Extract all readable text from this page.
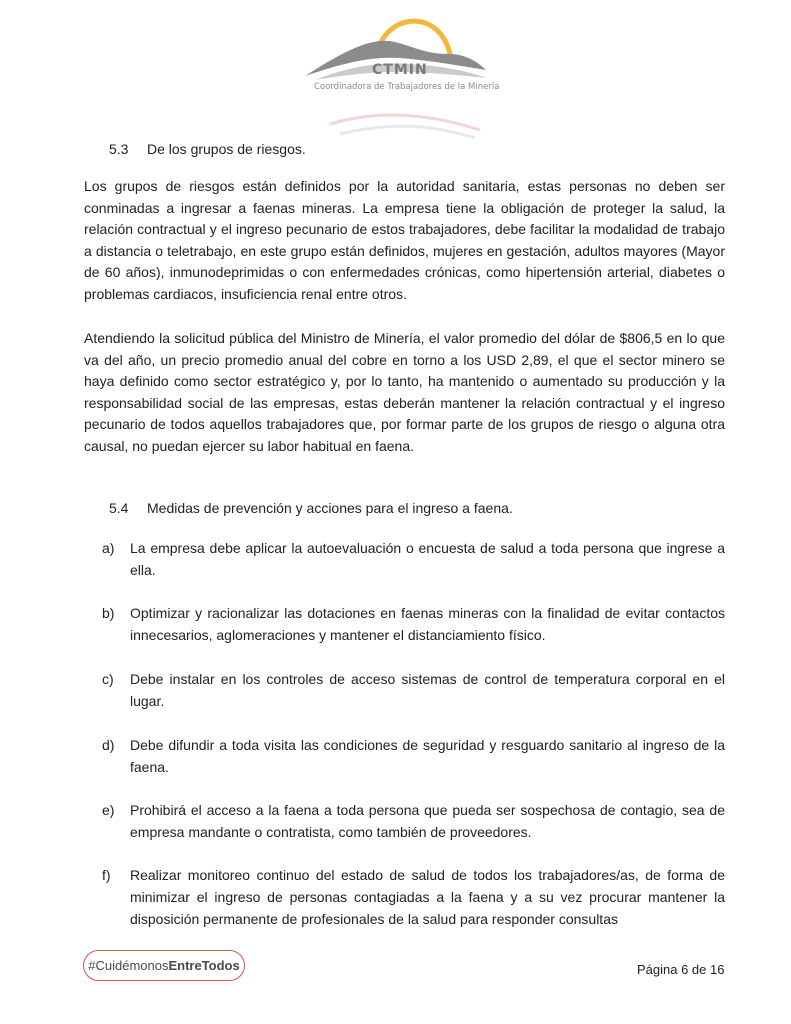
CTMIN
Coordinadora de Trabajadores de la Minería
5.3	De los grupos de riesgos.

Los grupos de riesgos están definidos por la autoridad sanitaria, estas personas no deben ser conminadas a ingresar a faenas mineras. La empresa tiene la obligación de proteger la salud, la relación contractual y el ingreso pecunario de estos trabajadores, debe facilitar la modalidad de trabajo a distancia o teletrabajo, en este grupo están definidos, mujeres en gestación, adultos mayores (Mayor de 60 años), inmunodeprimidas o con enfermedades crónicas, como hipertensión arterial, diabetes o problemas cardiacos, insuficiencia renal entre otros.

Atendiendo la solicitud pública del Ministro de Minería, el valor promedio del dólar de $806,5 en lo que va del año, un precio promedio anual del cobre en torno a los USD 2,89, el que el sector minero se haya definido como sector estratégico y, por lo tanto, ha mantenido o aumentado su producción y la responsabilidad social de las empresas, estas deberán mantener la relación contractual y el ingreso pecunario de todos aquellos trabajadores que, por formar parte de los grupos de riesgo o alguna otra causal, no puedan ejercer su labor habitual en faena.

5.4	Medidas de prevención y acciones para el ingreso a faena.
a)	La empresa debe aplicar la autoevaluación o encuesta de salud a toda persona que ingrese a ella.
b)	Optimizar y racionalizar las dotaciones en faenas mineras con la finalidad de evitar contactos innecesarios, aglomeraciones y mantener el distanciamiento físico.
c)	Debe instalar en los controles de acceso sistemas de control de temperatura corporal en el lugar.
d)	Debe difundir a toda visita las condiciones de seguridad y resguardo sanitario al ingreso de la faena.
e)	Prohibirá el acceso a la faena a toda persona que pueda ser sospechosa de contagio, sea de empresa mandante o contratista, como también de proveedores.
f)	Realizar monitoreo continuo del estado de salud de todos los trabajadores/as, de forma de minimizar el ingreso de personas contagiadas a la faena y a su vez procurar mantener la disposición permanente de profesionales de la salud para responder consultas
#Cuidémonos EntreTodos	Página 6 de 16
